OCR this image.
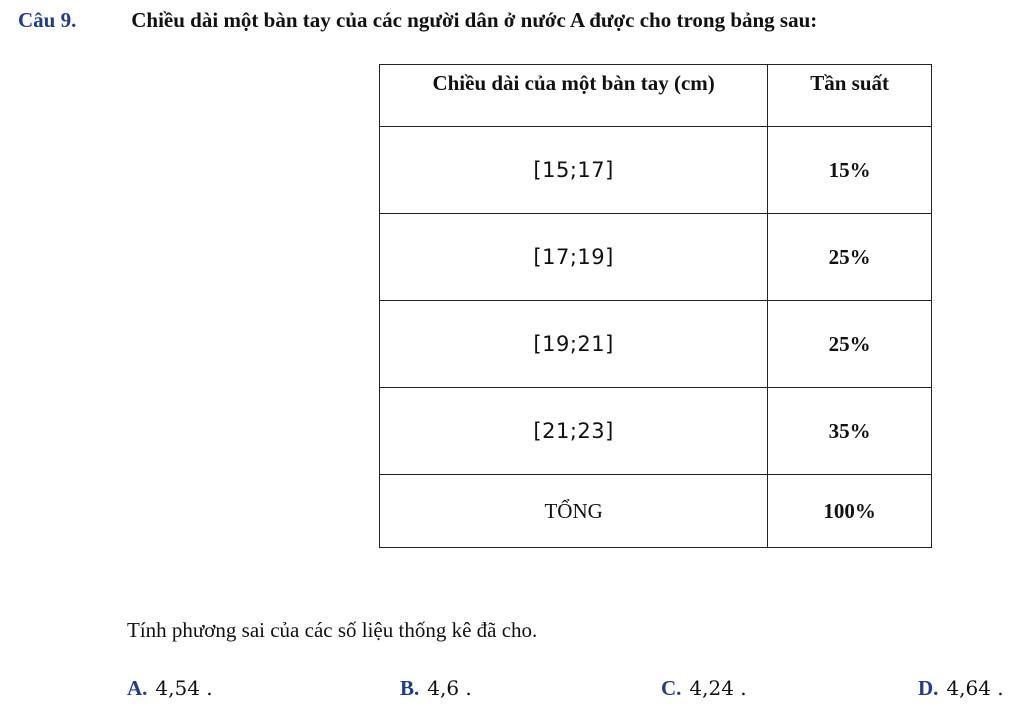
Câu 9.	Chiều dài một bàn tay của các người dân ở nước A được cho trong bảng sau:
Chiều dài của một bàn tay (cm)	Tần suất
[15;17]	15%
[17;19]	25%
[19;21]	25%
[21;23]	35%
TỔNG	100%
Tính phương sai của các số liệu thống kê đã cho.
A. 4,54 .	B. 4,6 .	C. 4,24 .	D. 4,64 .
